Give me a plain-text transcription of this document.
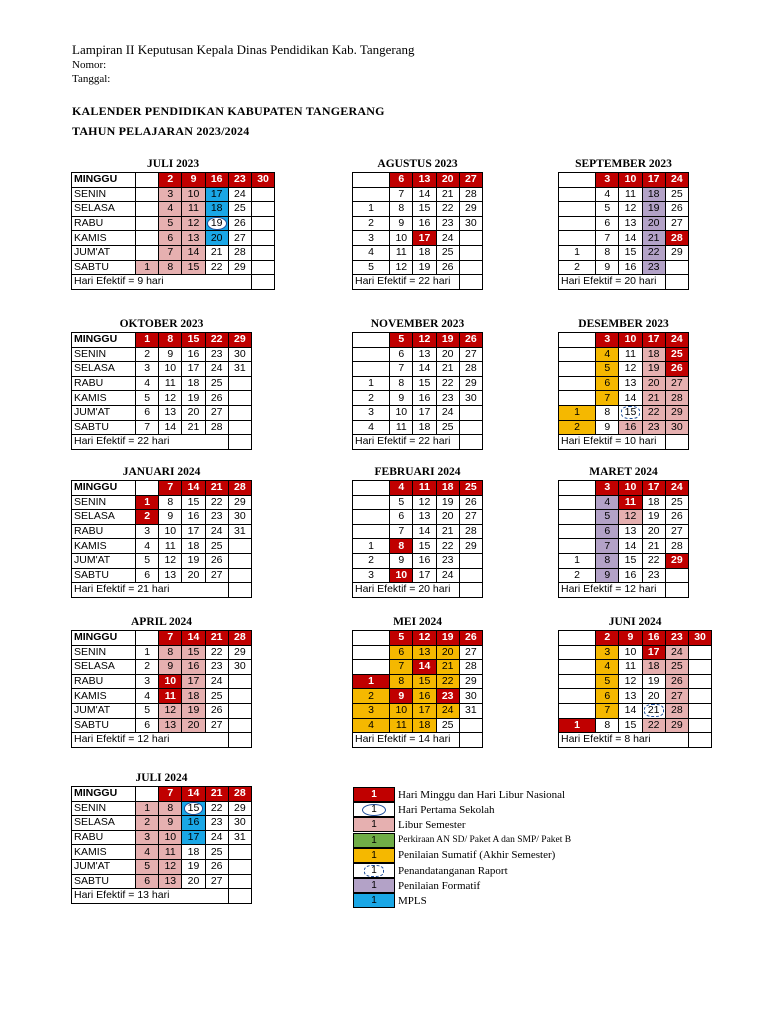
Lampiran II Keputusan Kepala Dinas Pendidikan Kab. Tangerang
Nomor:
Tanggal:
KALENDER PENDIDIKAN KABUPATEN TANGERANG
TAHUN PELAJARAN 2023/2024
JULI 2023
MINGGU		2	9	16	23	30
SENIN		3	10	17	24	
SELASA		4	11	18	25	
RABU		5	12	19	26	
KAMIS		6	13	20	27	
JUM'AT		7	14	21	28	
SABTU	1	8	15	22	29	
Hari Efektif = 9 hari						
AGUSTUS 2023
	6	13	20	27
	7	14	21	28
1	8	15	22	29
2	9	16	23	30
3	10	17	24	
4	11	18	25	
5	12	19	26	
Hari Efektif = 22 hari				
SEPTEMBER 2023
	3	10	17	24
	4	11	18	25
	5	12	19	26
	6	13	20	27
	7	14	21	28
1	8	15	22	29
2	9	16	23	
Hari Efektif = 20 hari				
OKTOBER 2023
MINGGU	1	8	15	22	29
SENIN	2	9	16	23	30
SELASA	3	10	17	24	31
RABU	4	11	18	25	
KAMIS	5	12	19	26	
JUM'AT	6	13	20	27	
SABTU	7	14	21	28	
Hari Efektif = 22 hari					
NOVEMBER 2023
	5	12	19	26
	6	13	20	27
	7	14	21	28
1	8	15	22	29
2	9	16	23	30
3	10	17	24	
4	11	18	25	
Hari Efektif = 22 hari				
DESEMBER 2023
	3	10	17	24
	4	11	18	25
	5	12	19	26
	6	13	20	27
	7	14	21	28
1	8	15	22	29
2	9	16	23	30
Hari Efektif = 10 hari				
JANUARI 2024
MINGGU		7	14	21	28
SENIN	1	8	15	22	29
SELASA	2	9	16	23	30
RABU	3	10	17	24	31
KAMIS	4	11	18	25	
JUM'AT	5	12	19	26	
SABTU	6	13	20	27	
Hari Efektif = 21 hari					
FEBRUARI 2024
	4	11	18	25
	5	12	19	26
	6	13	20	27
	7	14	21	28
1	8	15	22	29
2	9	16	23	
3	10	17	24	
Hari Efektif = 20 hari				
MARET 2024
	3	10	17	24
	4	11	18	25
	5	12	19	26
	6	13	20	27
	7	14	21	28
1	8	15	22	29
2	9	16	23	
Hari Efektif = 12 hari				
APRIL 2024
MINGGU		7	14	21	28
SENIN	1	8	15	22	29
SELASA	2	9	16	23	30
RABU	3	10	17	24	
KAMIS	4	11	18	25	
JUM'AT	5	12	19	26	
SABTU	6	13	20	27	
Hari Efektif = 12 hari					
MEI 2024
	5	12	19	26
	6	13	20	27
	7	14	21	28
1	8	15	22	29
2	9	16	23	30
3	10	17	24	31
4	11	18	25	
Hari Efektif = 14 hari				
JUNI 2024
	2	9	16	23	30
	3	10	17	24	
	4	11	18	25	
	5	12	19	26	
	6	13	20	27	
	7	14	21	28	
1	8	15	22	29	
Hari Efektif = 8 hari					
JULI 2024
MINGGU		7	14	21	28
SENIN	1	8	15	22	29
SELASA	2	9	16	23	30
RABU	3	10	17	24	31
KAMIS	4	11	18	25	
JUM'AT	5	12	19	26	
SABTU	6	13	20	27	
Hari Efektif = 13 hari					
1	Hari Minggu dan Hari Libur Nasional
1	Hari Pertama Sekolah
1	Libur Semester
1	Perkiraan AN SD/ Paket A dan SMP/ Paket B
1	Penilaian Sumatif (Akhir Semester)
1	Penandatanganan Raport
1	Penilaian Formatif
1	MPLS
